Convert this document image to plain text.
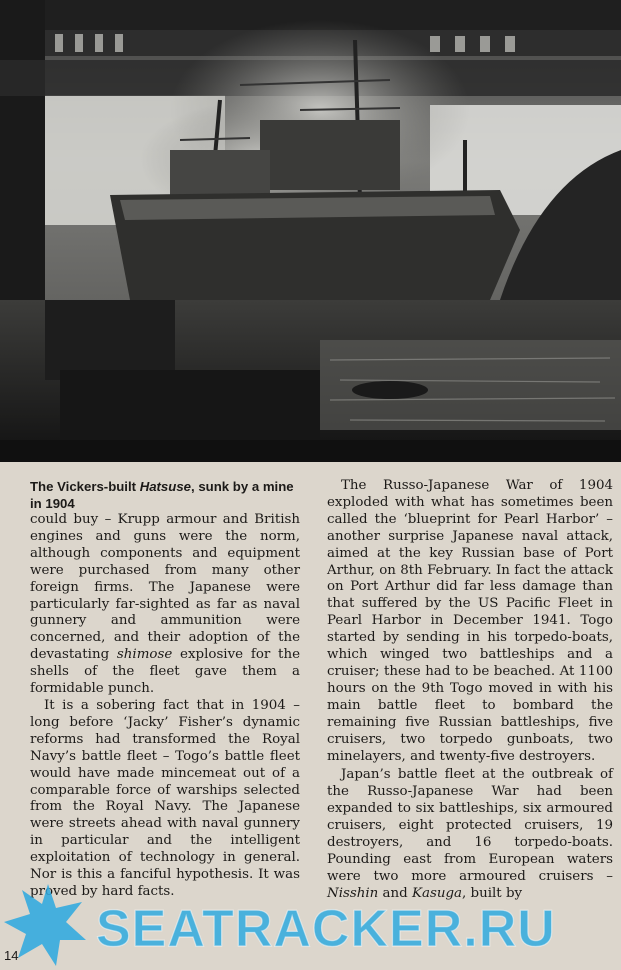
The Vickers-built Hatsuse, sunk by a mine in 1904

could buy – Krupp armour and British engines and guns were the norm, although components and equipment were purchased from many other foreign firms. The Japanese were particularly far-sighted as far as naval gunnery and ammunition were concerned, and their adoption of the devastating shimose explosive for the shells of the fleet gave them a formidable punch.

It is a sobering fact that in 1904 – long before ‘Jacky’ Fisher’s dynamic reforms had transformed the Royal Navy’s battle fleet – Togo’s battle fleet would have made mincemeat out of a comparable force of warships selected from the Royal Navy. The Japanese were streets ahead with naval gunnery in particular and the intelligent exploitation of technology in general. Nor is this a fanciful hypothesis. It was proved by hard facts.

The Russo-Japanese War of 1904 exploded with what has sometimes been called the ‘blueprint for Pearl Harbor’ – another surprise Japanese naval attack, aimed at the key Russian base of Port Arthur, on 8th February. In fact the attack on Port Arthur did far less damage than that suffered by the US Pacific Fleet in Pearl Harbor in December 1941. Togo started by sending in his torpedo-boats, which winged two battleships and a cruiser; these had to be beached. At 1100 hours on the 9th Togo moved in with his main battle fleet to bombard the remaining five Russian battleships, five cruisers, two torpedo gunboats, two minelayers, and twenty-five destroyers.

Japan’s battle fleet at the outbreak of the Russo-Japanese War had been expanded to six battleships, six armoured cruisers, eight protected cruisers, 19 destroyers, and 16 torpedo-boats. Pounding east from European waters were two more armoured cruisers – Nisshin and Kasuga, built by

SEATRACKER.RU
14
